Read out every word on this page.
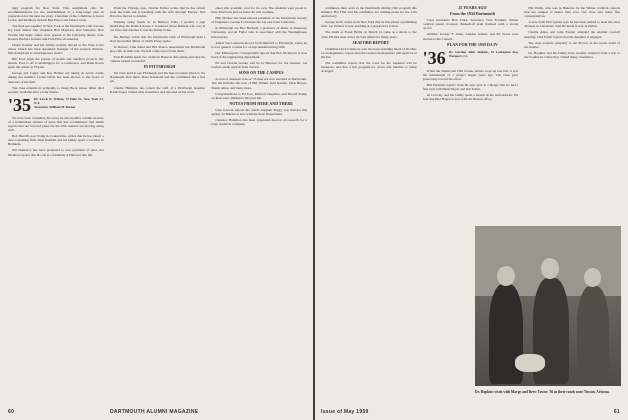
ingg program for New York. This assignment calls for recommendations for the establishment of a long-range plan in preparation for the next ten years. Chairman of the committee is Grant Lyons, and members include Ben Pierce and Dick Cowan.

The final get-together in New York at the Dartmouth Club was the Ivy Chef dinner. Our chairman Bob Maynard, Rod Vallacher, Bob Worms and many others were present at the following dinner. Loie Kachel, Barbara Garbers and Fran Ellis all attended.

Chuck Kramer and his family recently moved to the West Coast where Chuck has been appointed manager of the western division. Nils Kongsland is a headquarters visitor.

Bill Ford leads the parade of health and nutrition projects this month. Ford is off to Washington for a conference, and Hank Rosen spent the winter in Florida.

George and Cappy and Kay Barbey are taking an Arctic cruise during the summer. Lionel Davis has been elected to the board of directors of his firm.

The class extends its sympathy to Doug Buck whose father died recently in Maine after a long illness.

'35 Dr. Lewis R. Wilson, 72 Hale St., New York 21, N.Y.
Treasurer, William H. Turner

We have been compiling the notes for this month's column because of a tremendous amount of news that has accumulated. Ted Smith reports that our forward plans for the 25th reunion are moving along well.

Bob Sherrill, now living in Connecticut, writes that he has joined a new consulting firm. Dick Kimball and his family spent a vacation in Bermuda.

Jim Dunleavy has been promoted to vice president of sales. Art Moulton reports that his son is a freshman at Hanover this fall.

From the Chicago area, Charlie Tucker writes that he has retired from the bank and is traveling with his wife through Europe. Ned Price has moved to Atlanta.

Walking along South St. in Bellows Falls, I spotted a sign identifying the Remick house. I wondered about Remick who was in our class and whether it was his family home.

Stu Bentley writes that the Dartmouth Club of Pittsburgh held a most successful dinner at which Prexy spoke.

In Denver, John Rand and Bill Pearce entertained the Dartmouth glee club on their tour. We had a fine report from them.

Tom Bowman spent two weeks in Hanover this spring and says the campus looked wonderful.

IN PITTSBURGH

We were glad to see Pittsburgh and the fine reception given to the Dartmouth men there. Dave Kneeland and the committee did a fine job.

Charlie Hampton has joined the staff of a Pittsburgh hospital. Frank Noyes visited with classmates and reported on his work.

ented this academic post for its own. The students were proud to have Paul back and we know he will continue.

Hub Mosher has been elected president of the Dartmouth Society of Engineers. George Lord made the trip east from California.

In Pittsburgh are Bert Harbach, a professor of music at Duquesne University, and Al Fuller who is associated with the Westinghouse laboratories.

Albert Van Leeuwen moved from Hartford to Pittsburgh, where he is now general counsel for a large manufacturing firm.

Our Minneapolis correspondent reports that Bob Nicholson is now head of the engineering department.

Ed and Charlie Grader will be in Hanover for the reunion. Joe Corbett sends regards from Tucson.

SONS ON THE CAMPUS

A total of nineteen sons of '35 men are now enrolled at Dartmouth. The list includes the sons of Bill Walker, Karl Rambo, Dick Brown, Sherm Allen, and many more.

Congratulations to Ed Ives, Richard Chapman, and Harold Stamp on their sons' admission this past fall.

NOTES FROM HERE AND THERE

Glen Kerwin reports his oldest daughter Peggy was married this spring. Al Hansen is now with the State Department.

Clarence Hamilton has been appointed director of research for a large chemical company.

60	DARTMOUTH ALUMNI MAGAZINE

commence their work in the Dartmouth Outing Club program this summer. Hal Flint and his committee are making plans for the 25th anniversary.

George Irwin writes from New York that he has joined a publishing firm. Joe Willard is now teaching at a preparatory school.

The death of Frank Hollis on March 12 came as a shock to the class. He had been active in class affairs for many years.

SEAFORD REPORT

Chairman Dave Cameron, who has been spending much of his time on arrangements, reports that the reunion headquarters will again be at the Inn.

The committee reports that the costs for the weekend will be moderate, and that a full program for wives and families is being arranged.

25 YEARS AGO

From the 1934 Dartmouth

Class president: Bob Clark. Secretary: Don Franklin. Winter carnival queen crowned. Basketball team finished with a strong record.

Alumni: George F. Allen, Charles Adams, and Ed Wood were elected to the Council.

PLAN FOR THE 1959 DA IV

'36 Dr. Gordon John Jenkins, 33 Lexington Ave, Westport, Ct.

When the Dartmouth Hall bronze tablets went up last fall, it was the culmination of a project begun years ago. The class gave generously toward the effort.

Bill Farnham reports from his new post in Chicago that he had a fine visit with Hank Meyer and Jim Talbot.

Al Crowley and his family spent a month in the Adirondacks. We hear that Bud Hagen is now with the Boston office.

Bill Walsh, who was in Hanover for the Winter Carnival, reports that the campus is busier than ever. Our class sent many fine representatives.

A note from Phil Lyman says he has been named to head the sales division in Cleveland. Tom Richards is now in Dallas.

Charlie Ames and John Everett attended the Alumni Council meeting. Chet Fuller reports that his daughter is engaged.

The class extends sympathy to Art Brown on the recent death of his mother.

Dr. Hopkins and his family have recently returned from a trip to the Southwest where they visited many classmates.

Dr. Hopkins visits with Marge and Brew Towne '36 at their ranch near Tucson, Arizona.
Issue of May 1959	61
